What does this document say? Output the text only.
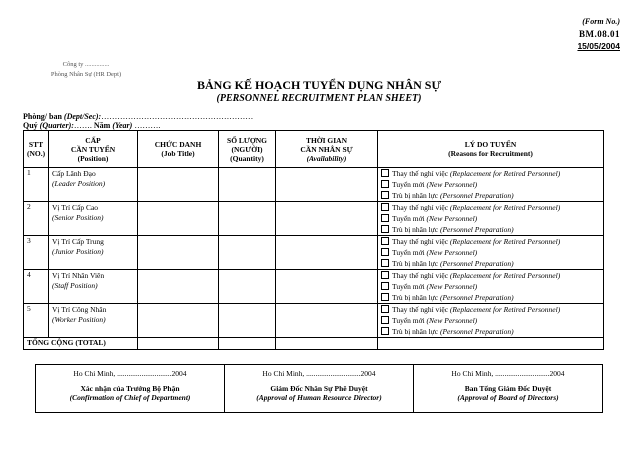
(Form No.)
BM.08.01
15/05/2004
Công ty ...............
Phòng Nhân Sự (HR Dept)
BẢNG KẾ HOẠCH TUYỂN DỤNG NHÂN SỰ
(PERSONNEL RECRUITMENT PLAN SHEET)
Phòng/ ban (Dept/Sec):…………………………………………………
Quý (Quarter):……. Năm (Year) ……….
STT
(NO.)	CẤP
CẦN TUYỂN
(Position)	CHỨC DANH
(Job Title)	SỐ LƯỢNG
(NGƯỜI)
(Quantity)	THỜI GIAN
CẦN NHÂN SỰ
(Availability)	LÝ DO TUYỂN
(Reasons for Recruitment)

1	Cấp Lãnh Đạo
(Leader Position)				Thay thế nghỉ việc (Replacement for Retired Personnel)
Tuyển mới (New Personnel)
Trù bị nhân lực (Personnel Preparation)

2	Vị Trí Cấp Cao
(Senior Position)				Thay thế nghỉ việc (Replacement for Retired Personnel)
Tuyển mới (New Personnel)
Trù bị nhân lực (Personnel Preparation)

3	Vị Trí Cấp Trung
(Junior Position)				Thay thế nghỉ việc (Replacement for Retired Personnel)
Tuyển mới (New Personnel)
Trù bị nhân lực (Personnel Preparation)

4	Vị Trí Nhân Viên
(Staff Position)				Thay thế nghỉ việc (Replacement for Retired Personnel)
Tuyển mới (New Personnel)
Trù bị nhân lực (Personnel Preparation)

5	Vị Trí Công Nhân
(Worker Position)				Thay thế nghỉ việc (Replacement for Retired Personnel)
Tuyển mới (New Personnel)
Trù bị nhân lực (Personnel Preparation)

TỔNG CỘNG (TOTAL)					
Ho Chi Minh, .............................2004
Xác nhận của Trưởng Bộ Phận
(Confirmation of Chief of Department)

Ho Chi Minh, .............................2004
Giám Đốc Nhân Sự Phê Duyệt
(Approval of Human Resource Director)

Ho Chi Minh, .............................2004
Ban Tổng Giám Đốc Duyệt
(Approval of Board of Directors)
